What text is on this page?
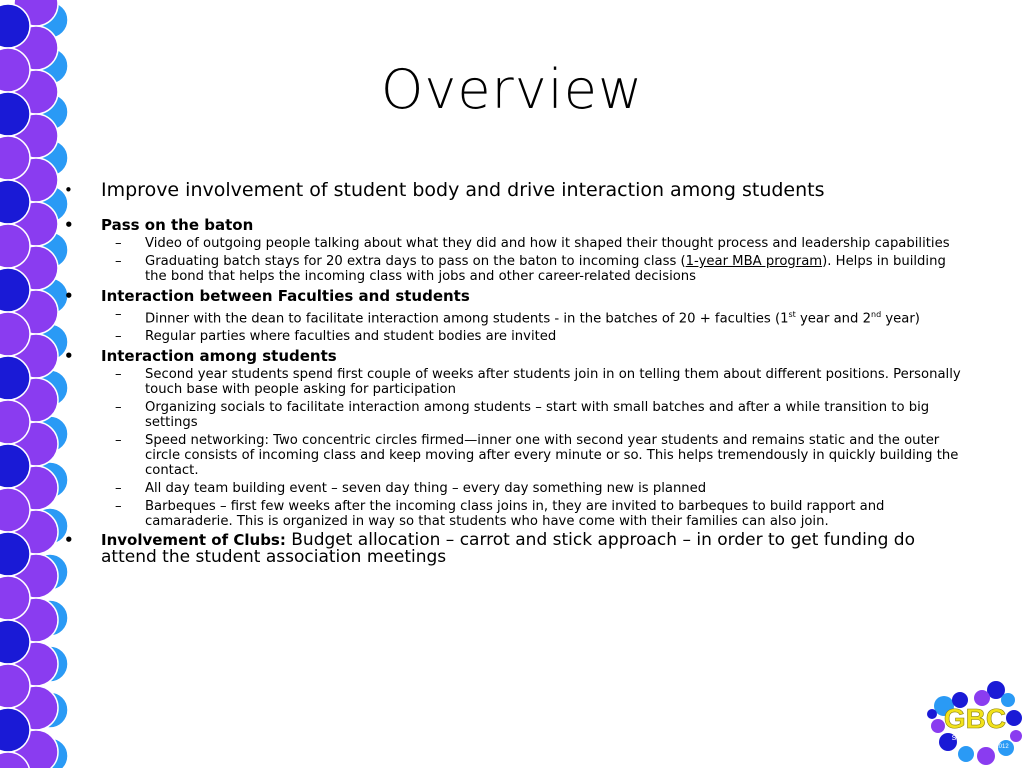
Overview
• Improve involvement of student body and drive interaction among students
• Pass on the baton
– Video of outgoing people talking about what they did and how it shaped their thought process and leadership capabilities
– Graduating batch stays for 20 extra days to pass on the baton to incoming class (1-year MBA program). Helps in building the bond that helps the incoming class with jobs and other career-related decisions
• Interaction between Faculties and students
– Dinner with the dean to facilitate interaction among students - in the batches of 20 + faculties (1st year and 2nd year)
– Regular parties where faculties and student bodies are invited
• Interaction among students
– Second year students spend first couple of weeks after students join in on telling them about different positions. Personally touch base with people asking for participation
– Organizing socials to facilitate interaction among students – start with small batches and after a while transition to big settings
– Speed networking: Two concentric circles firmed—inner one with second year students and remains static and the outer circle consists of incoming class and keep moving after every minute or so. This helps tremendously in quickly building the contact.
– All day team building event – seven day thing – every day something new is planned
– Barbeques – first few weeks after the incoming class joins in, they are invited to barbeques to build rapport and camaraderie. This is organized in way so that students who have come with their families can also join.
• Involvement of Clubs: Budget allocation – carrot and stick approach – in order to get funding do attend the student association meetings
GBC
size matters
2012
